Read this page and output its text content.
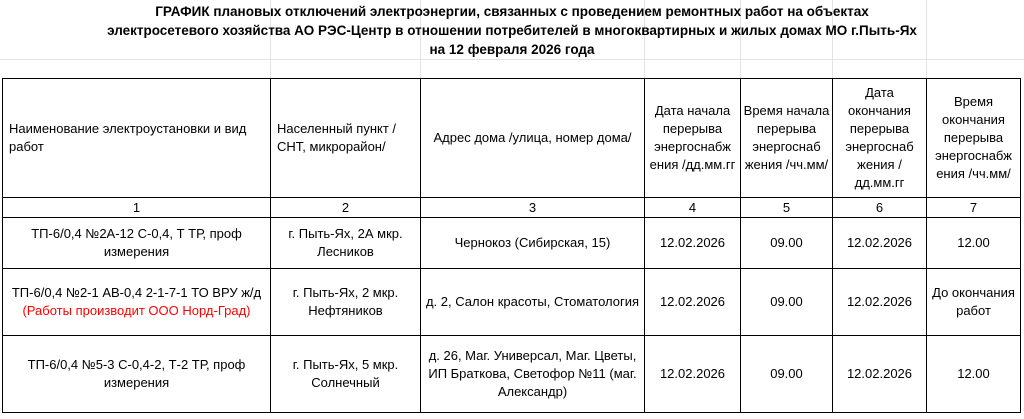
ГРАФИК плановых отключений электроэнергии, связанных с проведением ремонтных работ на объектах
электросетевого хозяйства АО РЭС-Центр в отношении потребителей в многоквартирных и жилых домах МО г.Пыть-Ях
на 12 февраля 2026 года
Наименование электроустановки и вид работ	Населенный пункт /СНТ, микрорайон/	Адрес дома /улица, номер дома/	Дата начала перерыва энергоснабж ения /дд.мм.гг	Время начала перерыва энергоснаб жения /чч.мм/	Дата окончания перерыва энергоснаб жения /дд.мм.гг	Время окончания перерыва энергоснабж ения /чч.мм/
1	2	3	4	5	6	7
ТП-6/0,4 №2А-12 С-0,4, Т ТР, проф измерения	г. Пыть-Ях, 2А мкр. Лесников	Чернокоз (Сибирская, 15)	12.02.2026	09.00	12.02.2026	12.00
ТП-6/0,4 №2-1 АВ-0,4 2-1-7-1 ТО ВРУ ж/д (Работы производит ООО Норд-Град)	г. Пыть-Ях, 2 мкр. Нефтяников	д. 2, Салон красоты, Стоматология	12.02.2026	09.00	12.02.2026	До окончания работ
ТП-6/0,4 №5-3 С-0,4-2, Т-2 ТР, проф измерения	г. Пыть-Ях, 5 мкр. Солнечный	д. 26, Маг. Универсал, Маг. Цветы, ИП Браткова, Светофор №11 (маг. Александр)	12.02.2026	09.00	12.02.2026	12.00
